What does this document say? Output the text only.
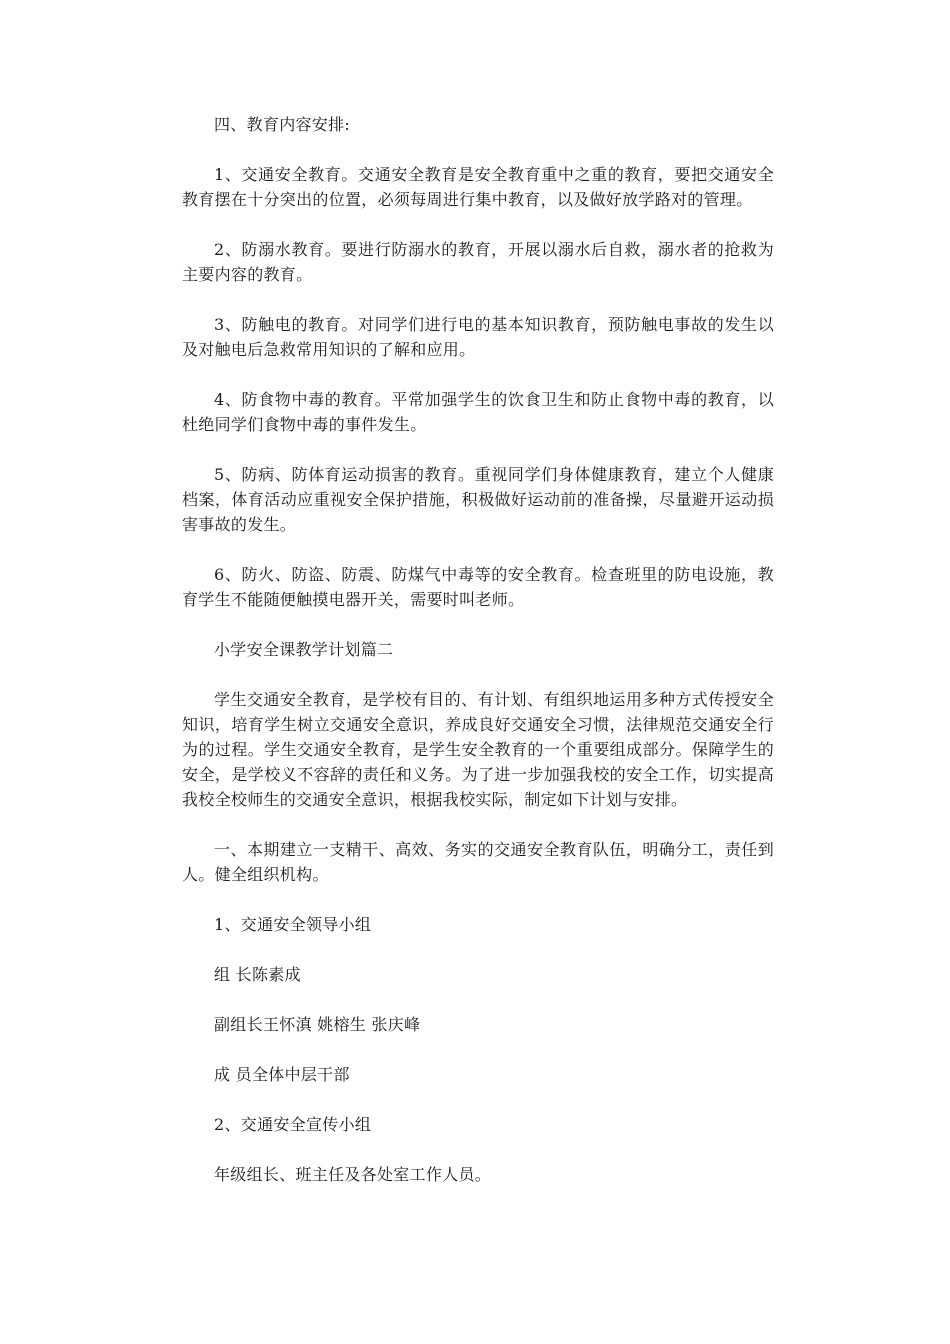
四、教育内容安排:

1、交通安全教育。交通安全教育是安全教育重中之重的教育，要把交通安全教育摆在十分突出的位置，必须每周进行集中教育，以及做好放学路对的管理。

2、防溺水教育。要进行防溺水的教育，开展以溺水后自救，溺水者的抢救为主要内容的教育。

3、防触电的教育。对同学们进行电的基本知识教育，预防触电事故的发生以及对触电后急救常用知识的了解和应用。

4、防食物中毒的教育。平常加强学生的饮食卫生和防止食物中毒的教育，以杜绝同学们食物中毒的事件发生。

5、防病、防体育运动损害的教育。重视同学们身体健康教育，建立个人健康档案，体育活动应重视安全保护措施，积极做好运动前的准备操，尽量避开运动损害事故的发生。

6、防火、防盗、防震、防煤气中毒等的安全教育。检查班里的防电设施，教育学生不能随便触摸电器开关，需要时叫老师。

小学安全课教学计划篇二

学生交通安全教育，是学校有目的、有计划、有组织地运用多种方式传授安全知识，培育学生树立交通安全意识，养成良好交通安全习惯，法律规范交通安全行为的过程。学生交通安全教育，是学生安全教育的一个重要组成部分。保障学生的安全，是学校义不容辞的责任和义务。为了进一步加强我校的安全工作，切实提高我校全校师生的交通安全意识，根据我校实际，制定如下计划与安排。

一、本期建立一支精干、高效、务实的交通安全教育队伍，明确分工，责任到人。健全组织机构。

1、交通安全领导小组

组 长陈素成

副组长王怀滇 姚榕生 张庆峰

成 员全体中层干部

2、交通安全宣传小组

年级组长、班主任及各处室工作人员。
